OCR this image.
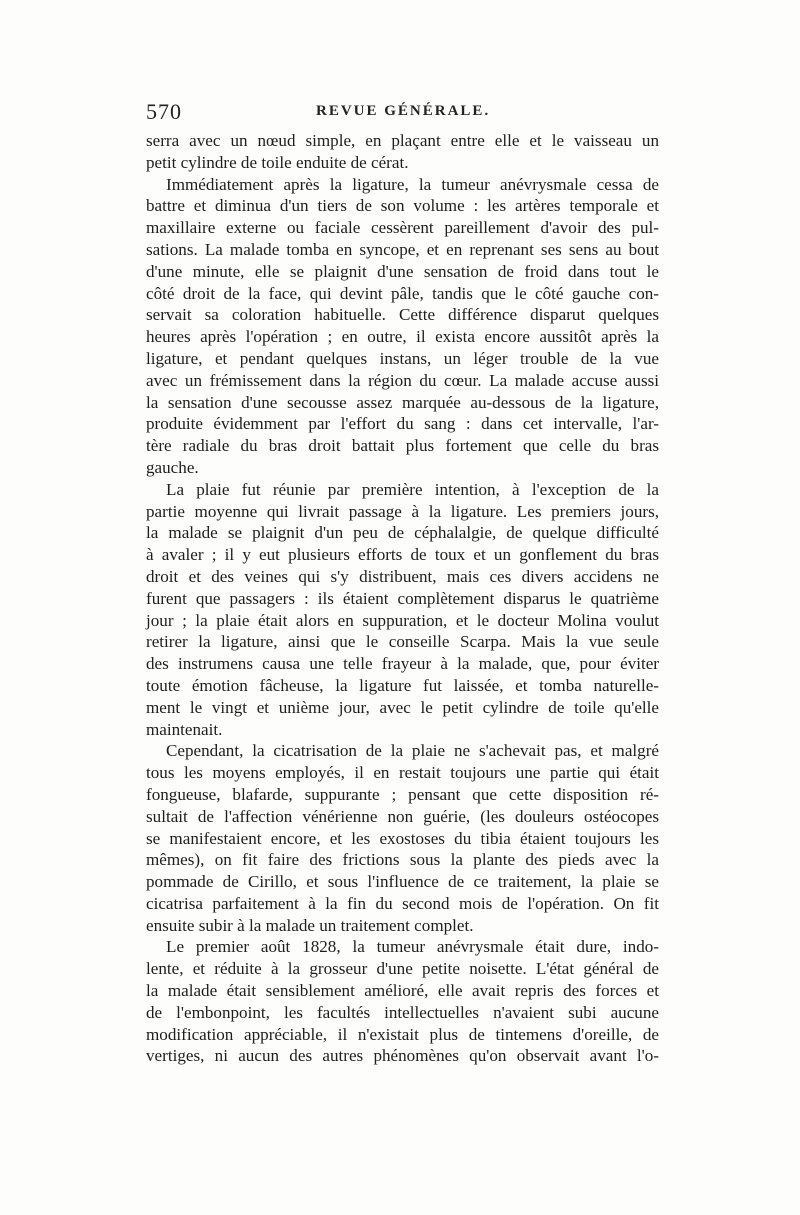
570	REVUE GÉNÉRALE.
serra avec un nœud simple, en plaçant entre elle et le vaisseau un
petit cylindre de toile enduite de cérat.
Immédiatement après la ligature, la tumeur anévrysmale cessa de
battre et diminua d'un tiers de son volume : les artères temporale et
maxillaire externe ou faciale cessèrent pareillement d'avoir des pul-
sations. La malade tomba en syncope, et en reprenant ses sens au bout
d'une minute, elle se plaignit d'une sensation de froid dans tout le
côté droit de la face, qui devint pâle, tandis que le côté gauche con-
servait sa coloration habituelle. Cette différence disparut quelques
heures après l'opération ; en outre, il exista encore aussitôt après la
ligature, et pendant quelques instans, un léger trouble de la vue
avec un frémissement dans la région du cœur. La malade accuse aussi
la sensation d'une secousse assez marquée au-dessous de la ligature,
produite évidemment par l'effort du sang : dans cet intervalle, l'ar-
tère radiale du bras droit battait plus fortement que celle du bras
gauche.
La plaie fut réunie par première intention, à l'exception de la
partie moyenne qui livrait passage à la ligature. Les premiers jours,
la malade se plaignit d'un peu de céphalalgie, de quelque difficulté
à avaler ; il y eut plusieurs efforts de toux et un gonflement du bras
droit et des veines qui s'y distribuent, mais ces divers accidens ne
furent que passagers : ils étaient complètement disparus le quatrième
jour ; la plaie était alors en suppuration, et le docteur Molina voulut
retirer la ligature, ainsi que le conseille Scarpa. Mais la vue seule
des instrumens causa une telle frayeur à la malade, que, pour éviter
toute émotion fâcheuse, la ligature fut laissée, et tomba naturelle-
ment le vingt et unième jour, avec le petit cylindre de toile qu'elle
maintenait.
Cependant, la cicatrisation de la plaie ne s'achevait pas, et malgré
tous les moyens employés, il en restait toujours une partie qui était
fongueuse, blafarde, suppurante ; pensant que cette disposition ré-
sultait de l'affection vénérienne non guérie, (les douleurs ostéocopes
se manifestaient encore, et les exostoses du tibia étaient toujours les
mêmes), on fit faire des frictions sous la plante des pieds avec la
pommade de Cirillo, et sous l'influence de ce traitement, la plaie se
cicatrisa parfaitement à la fin du second mois de l'opération. On fit
ensuite subir à la malade un traitement complet.
Le premier août 1828, la tumeur anévrysmale était dure, indo-
lente, et réduite à la grosseur d'une petite noisette. L'état général de
la malade était sensiblement amélioré, elle avait repris des forces et
de l'embonpoint, les facultés intellectuelles n'avaient subi aucune
modification appréciable, il n'existait plus de tintemens d'oreille, de
vertiges, ni aucun des autres phénomènes qu'on observait avant l'o-
